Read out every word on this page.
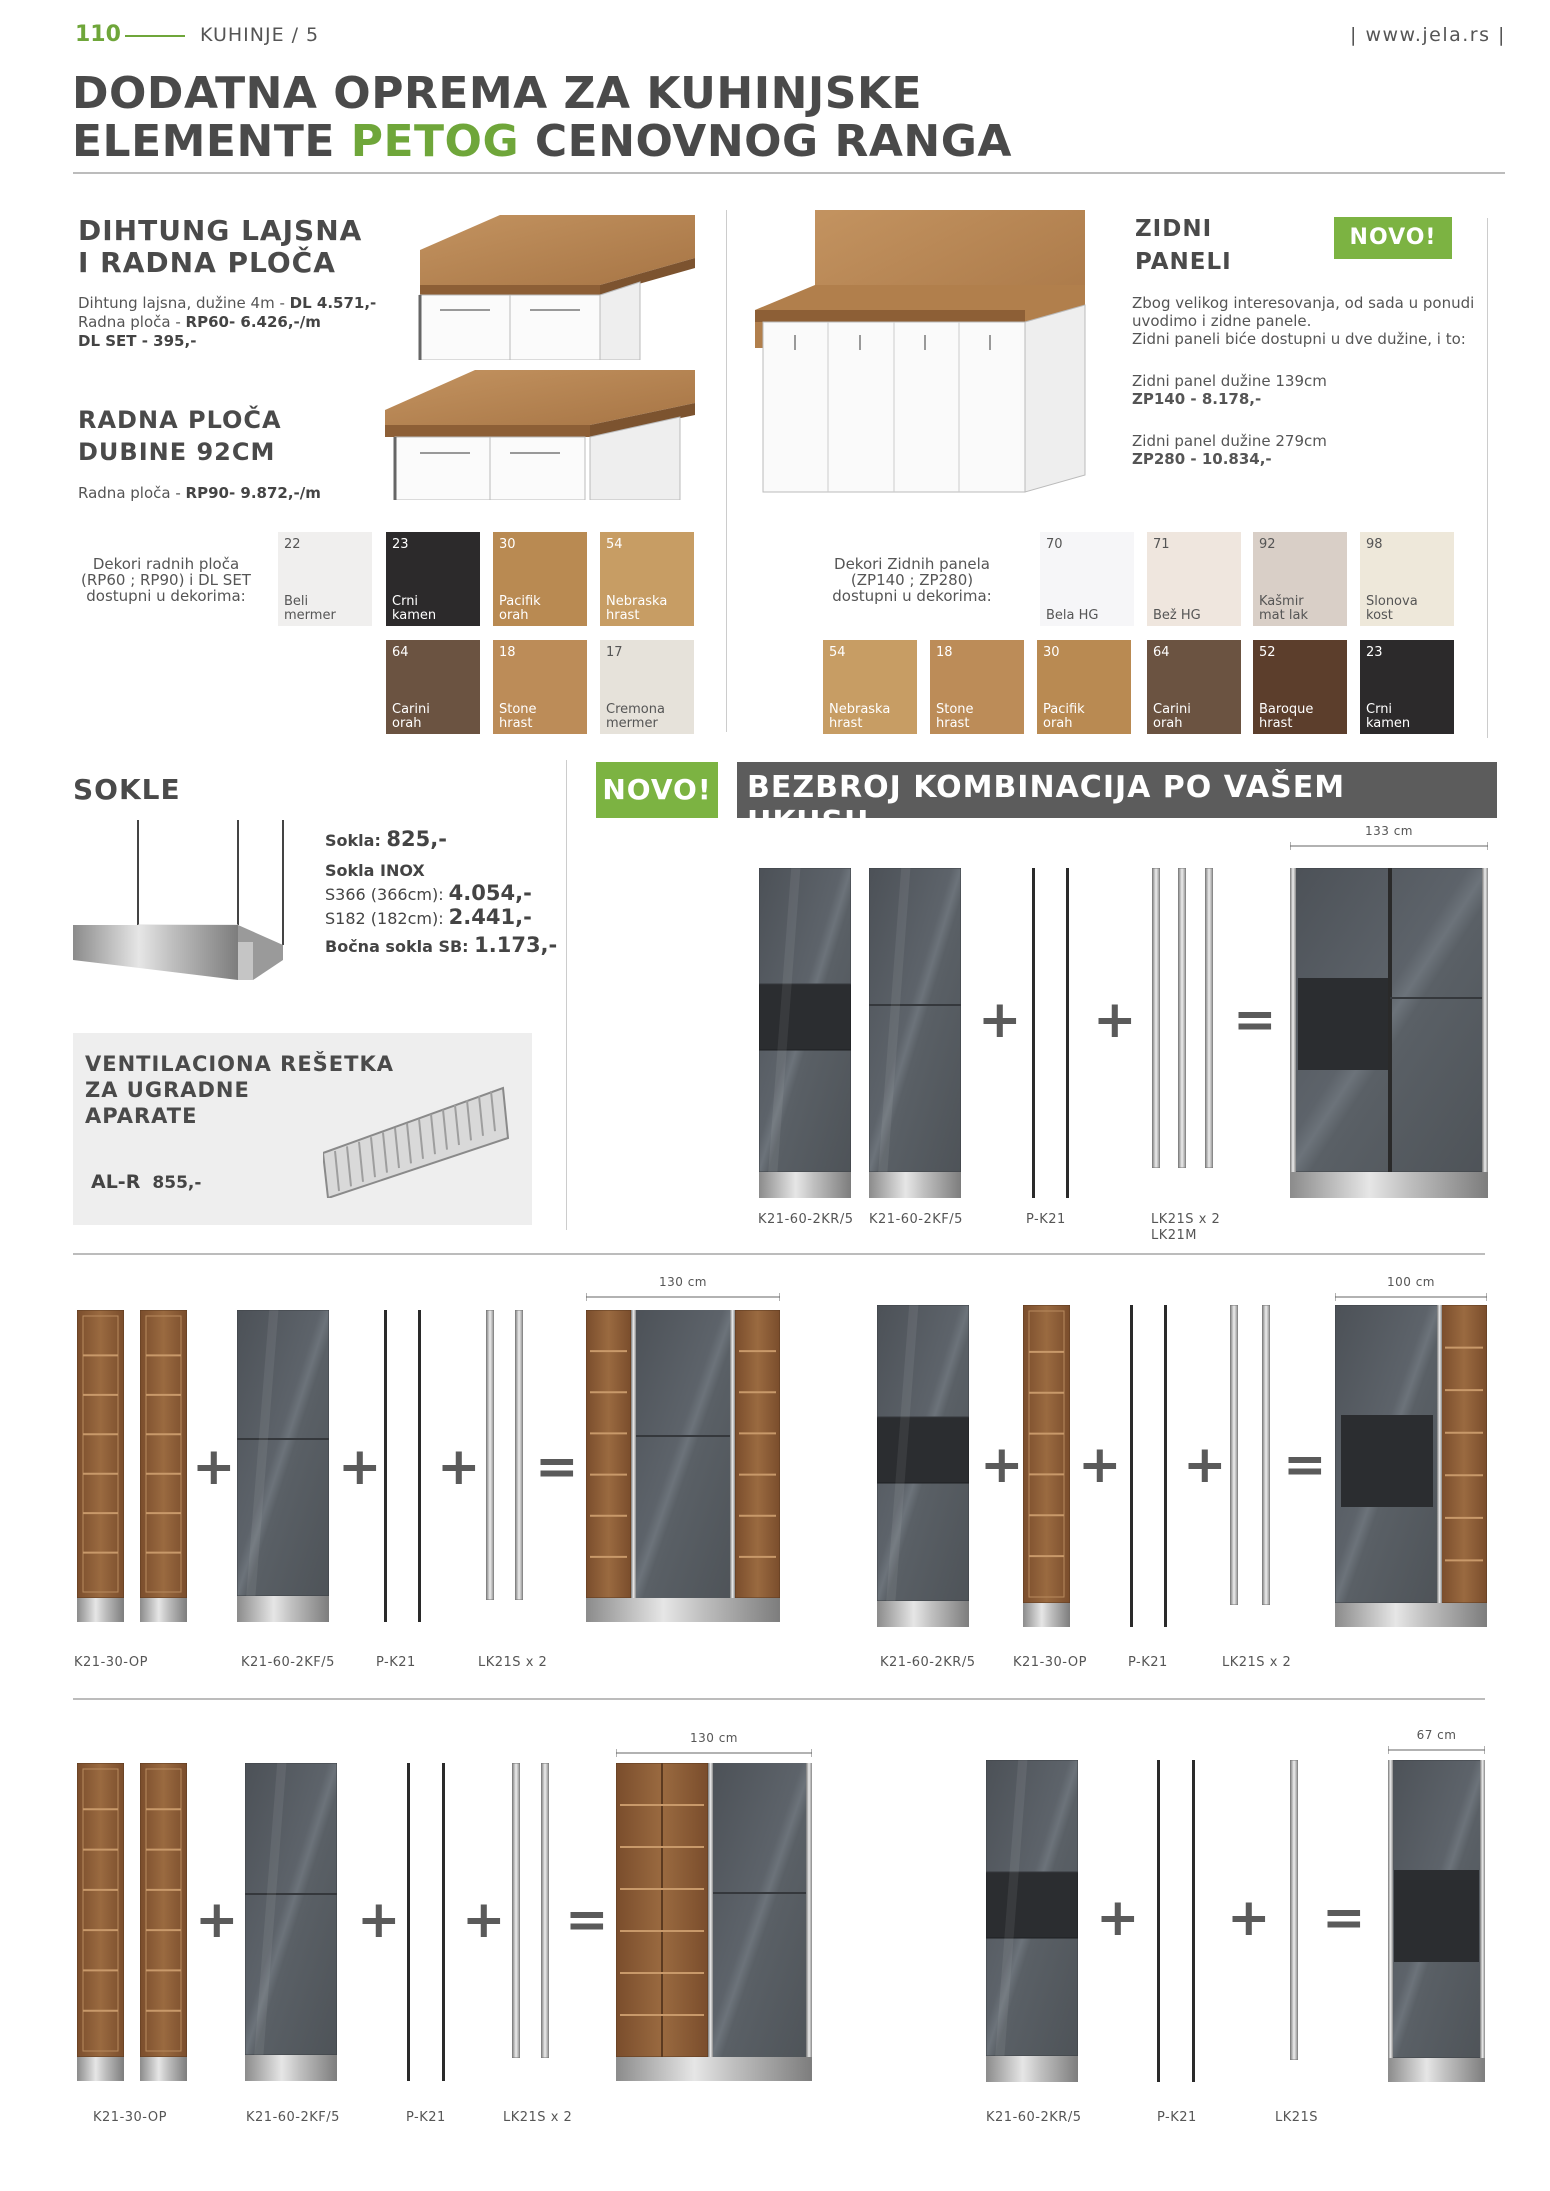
110	KUHINJE / 5	| www.jela.rs |
DODATNA OPREMA ZA KUHINJSKE
ELEMENTE PETOG CENOVNOG RANGA
DIHTUNG LAJSNA
I RADNA PLOČA
Dihtung lajsna, dužine 4m - DL 4.571,-
Radna ploča - RP60- 6.426,-/m
DL SET - 395,-
RADNA PLOČA
DUBINE 92CM
Radna ploča - RP90- 9.872,-/m
Dekori radnih ploča
(RP60 ; RP90) i DL SET
dostupni u dekorima:
22
Beli
mermer
23
Crni
kamen
30
Pacifik
orah
54
Nebraska
hrast
64
Carini
orah
18
Stone
hrast
17
Cremona
mermer
ZIDNI
PANELI
NOVO!
Zbog velikog interesovanja, od sada u ponudi
uvodimo i zidne panele.
Zidni paneli biće dostupni u dve dužine, i to:
Zidni panel dužine 139cm
ZP140 - 8.178,-
Zidni panel dužine 279cm
ZP280 - 10.834,-
Dekori Zidnih panela
(ZP140 ; ZP280)
dostupni u dekorima:
70
Bela HG
71
Bež HG
92
Kašmir
mat lak
98
Slonova
kost
54
Nebraska
hrast
18
Stone
hrast
30
Pacifik
orah
64
Carini
orah
52
Baroque
hrast
23
Crni
kamen
SOKLE
Sokla: 825,-
Sokla INOX
S366 (366cm): 4.054,-
S182 (182cm): 2.441,-
Bočna sokla SB: 1.173,-
VENTILACIONA REŠETKA
ZA UGRADNE
APARATE
AL-R 855,-
NOVO!	BEZBROJ KOMBINACIJA PO VAŠEM UKUSU.
+ + =
133 cm
K21-60-2KR/5 K21-60-2KF/5	P-K21	LK21S x 2
LK21M
+ + + =
130 cm
K21-30-OP	K21-60-2KF/5	P-K21	LK21S x 2
+ + + =
100 cm
K21-60-2KR/5	K21-30-OP	P-K21	LK21S x 2
+ + + =
130 cm
K21-30-OP	K21-60-2KF/5	P-K21	LK21S x 2
+ + =
67 cm
K21-60-2KR/5	P-K21	LK21S
